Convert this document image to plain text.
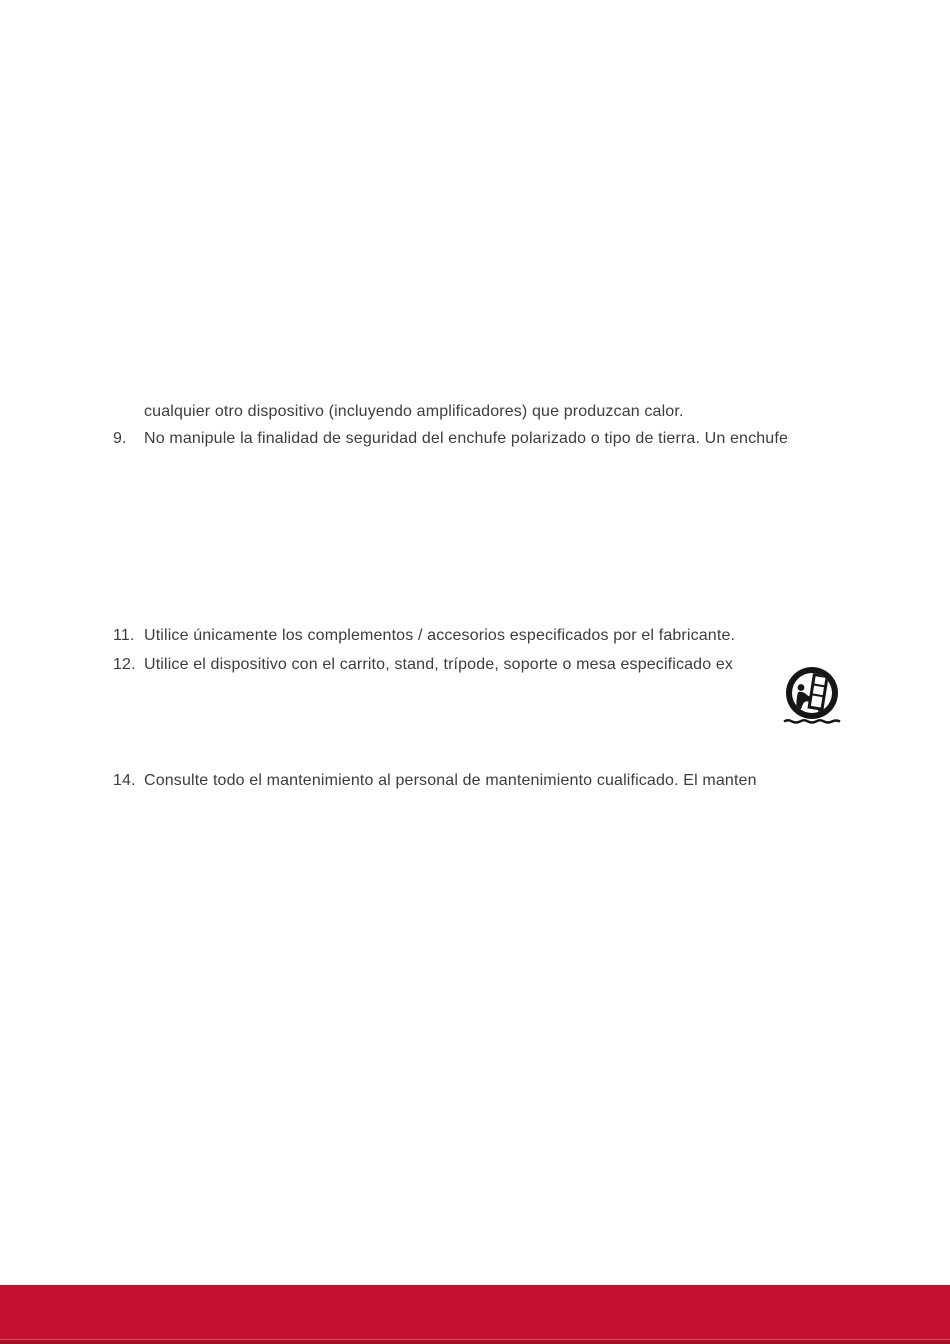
cualquier otro dispositivo (incluyendo amplificadores) que produzcan calor.
9.	No manipule la finalidad de seguridad del enchufe polarizado o tipo de tierra. Un enchufe
11. Utilice únicamente los complementos / accesorios especificados por el fabricante.
12. Utilice el dispositivo con el carrito, stand, trípode, soporte o mesa especificado ex
14. Consulte todo el mantenimiento al personal de mantenimiento cualificado. El manten
